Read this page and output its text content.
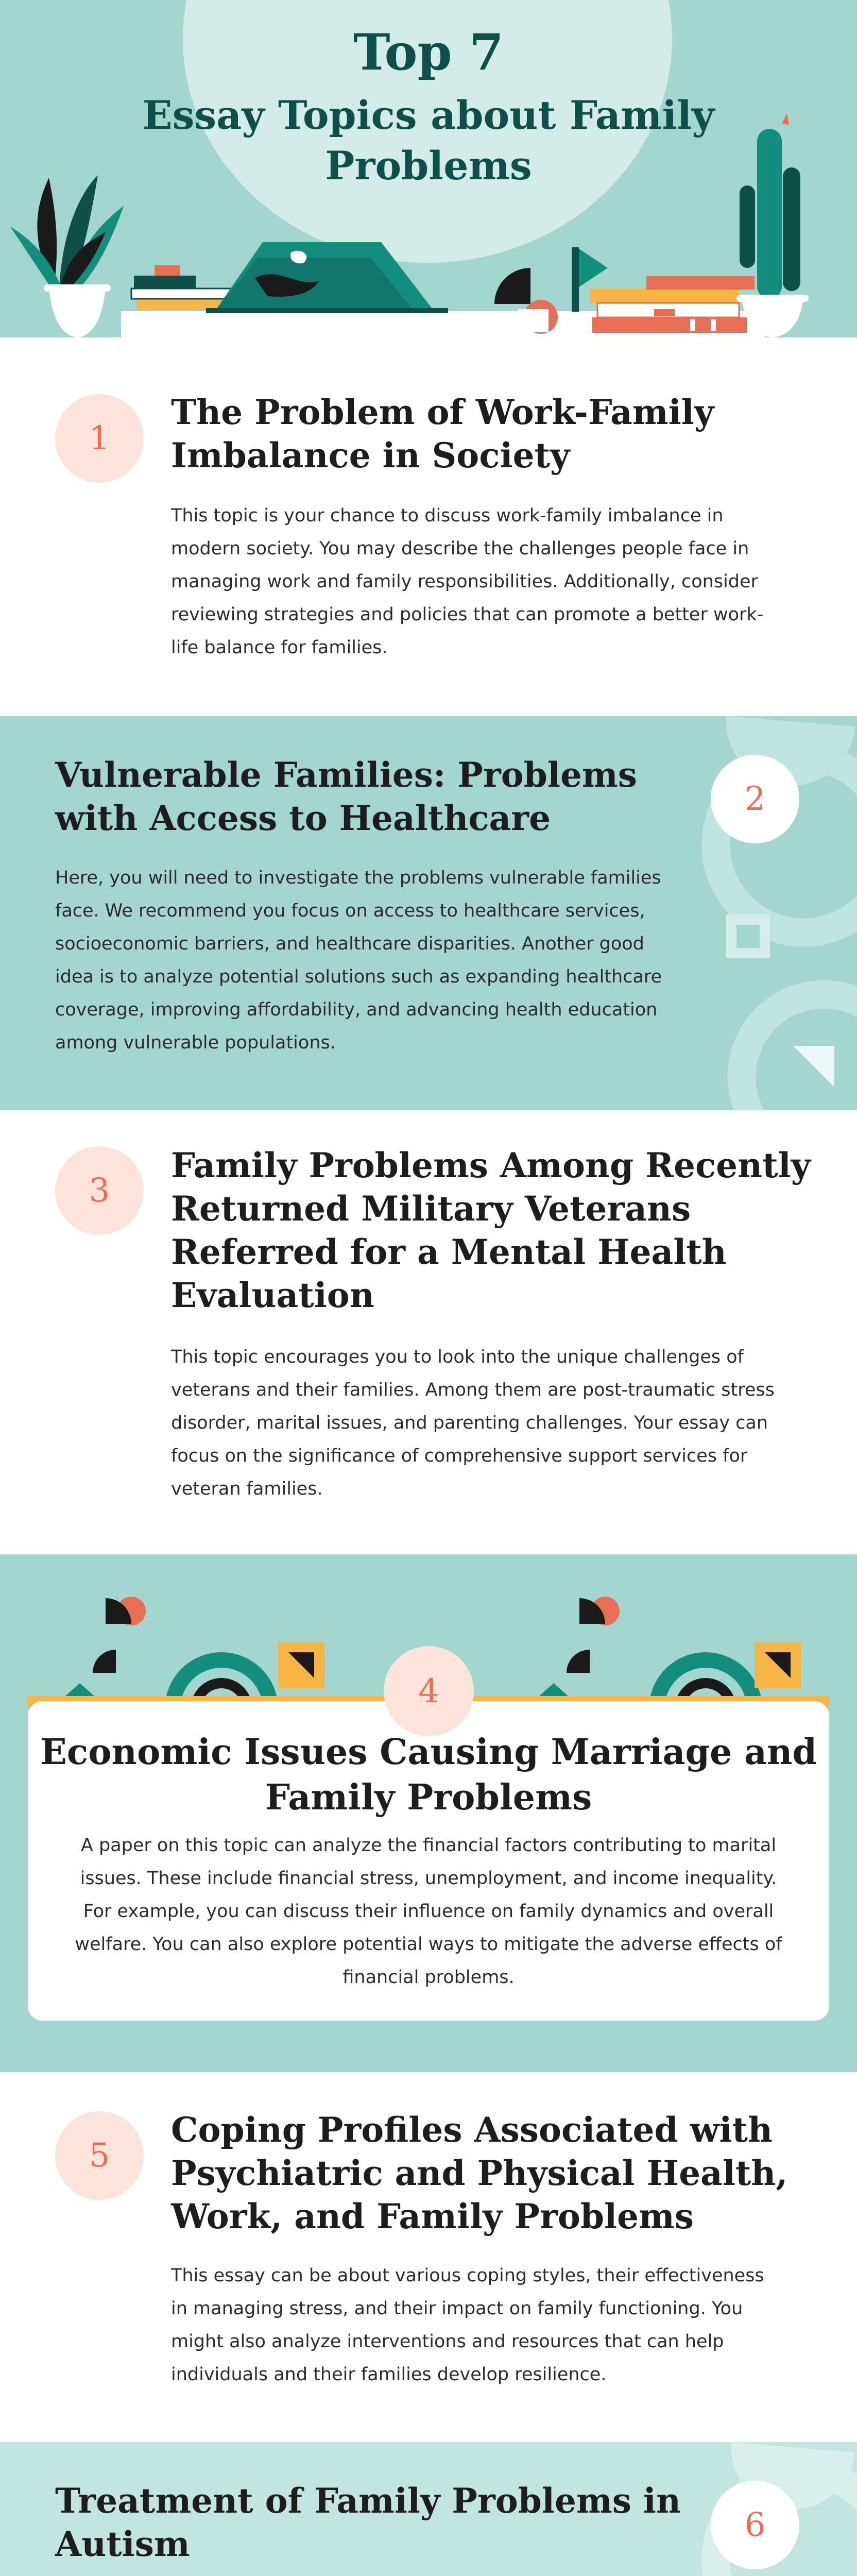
Top 7
Essay Topics about Family
Problems
1
The Problem of Work-Family
Imbalance in Society
This topic is your chance to discuss work-family imbalance in
modern society. You may describe the challenges people face in
managing work and family responsibilities. Additionally, consider
reviewing strategies and policies that can promote a better work-
life balance for families.
2
Vulnerable Families: Problems
with Access to Healthcare
Here, you will need to investigate the problems vulnerable families
face. We recommend you focus on access to healthcare services,
socioeconomic barriers, and healthcare disparities. Another good
idea is to analyze potential solutions such as expanding healthcare
coverage, improving affordability, and advancing health education
among vulnerable populations.
3
Family Problems Among Recently
Returned Military Veterans
Referred for a Mental Health
Evaluation
This topic encourages you to look into the unique challenges of
veterans and their families. Among them are post-traumatic stress
disorder, marital issues, and parenting challenges. Your essay can
focus on the significance of comprehensive support services for
veteran families.
4
Economic Issues Causing Marriage and
Family Problems
A paper on this topic can analyze the financial factors contributing to marital
issues. These include financial stress, unemployment, and income inequality.
For example, you can discuss their influence on family dynamics and overall
welfare. You can also explore potential ways to mitigate the adverse effects of
financial problems.
5
Coping Profiles Associated with
Psychiatric and Physical Health,
Work, and Family Problems
This essay can be about various coping styles, their effectiveness
in managing stress, and their impact on family functioning. You
might also analyze interventions and resources that can help
individuals and their families develop resilience.
6
Treatment of Family Problems in
Autism
